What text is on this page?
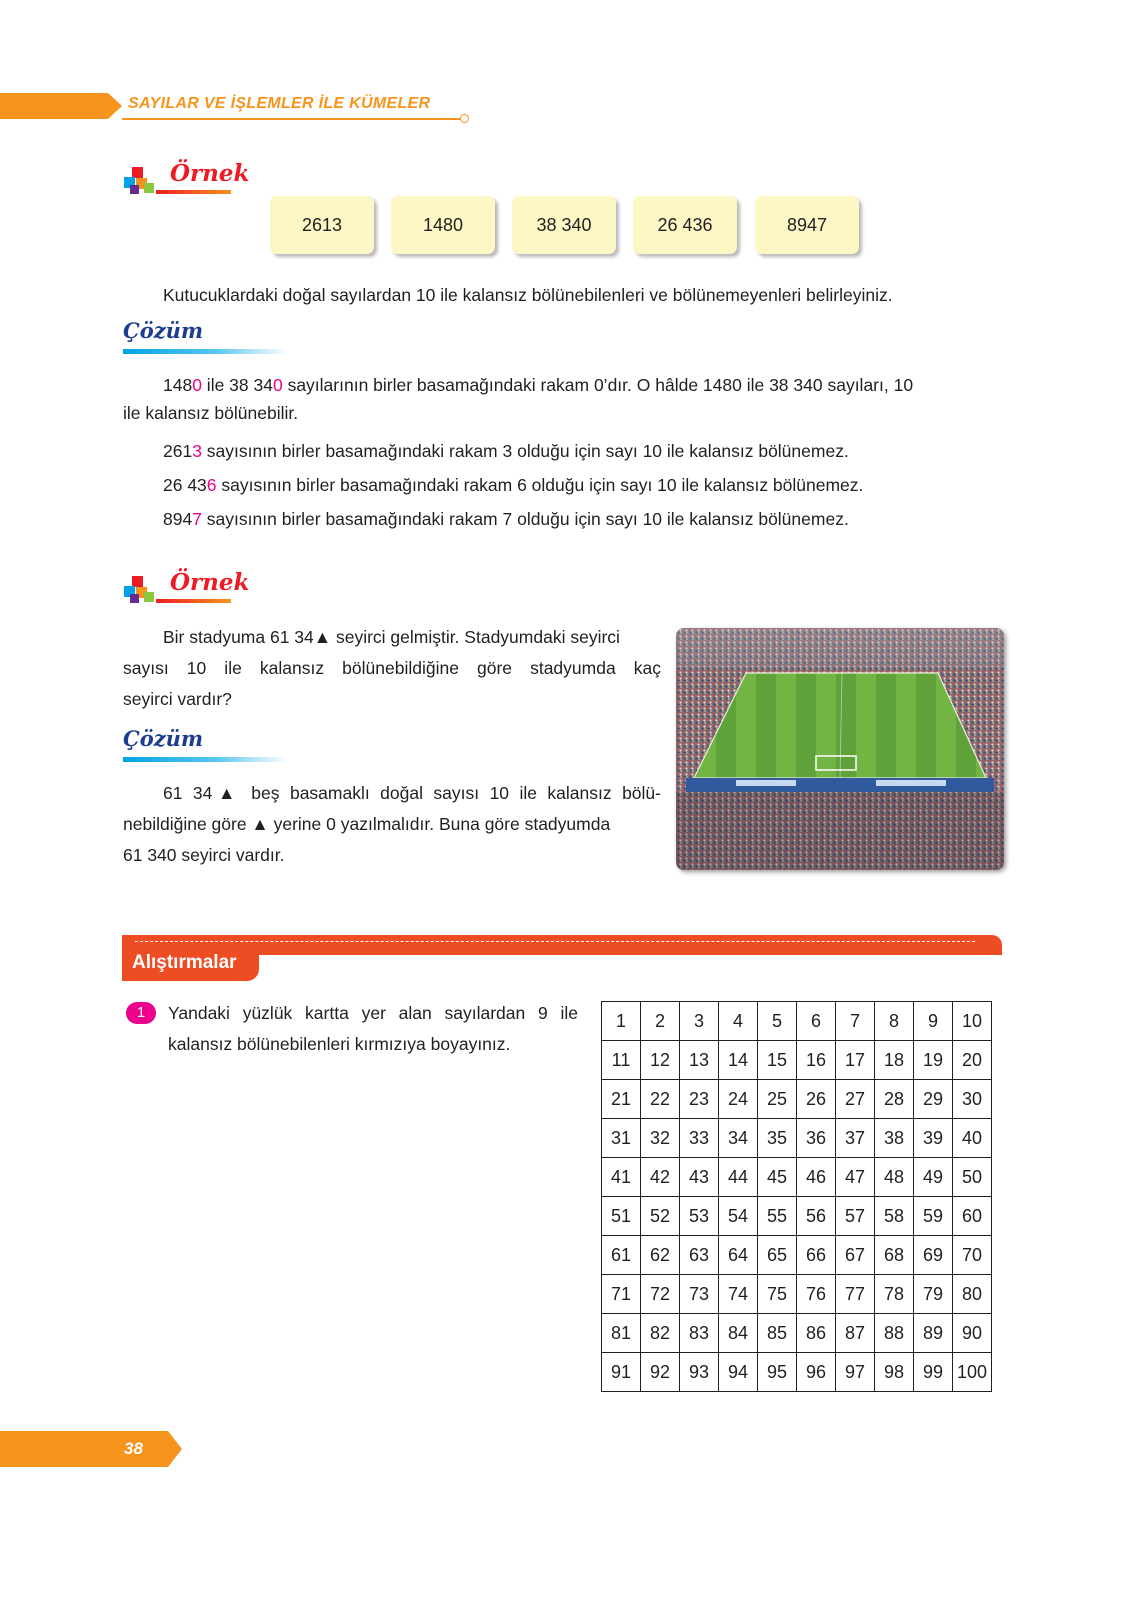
SAYILAR VE İŞLEMLER İLE KÜMELER
Örnek
2613	1480	38 340	26 436	8947
Kutucuklardaki doğal sayılardan 10 ile kalansız bölünebilenleri ve bölünemeyenleri belirleyiniz.
Çözüm
1480 ile 38 340 sayılarının birler basamağındaki rakam 0’dır. O hâlde 1480 ile 38 340 sayıları, 10
ile kalansız bölünebilir.
2613 sayısının birler basamağındaki rakam 3 olduğu için sayı 10 ile kalansız bölünemez.
26 436 sayısının birler basamağındaki rakam 6 olduğu için sayı 10 ile kalansız bölünemez.
8947 sayısının birler basamağındaki rakam 7 olduğu için sayı 10 ile kalansız bölünemez.
Örnek
Bir stadyuma 61 34▲ seyirci gelmiştir. Stadyumdaki seyirci
sayısı 10 ile kalansız bölünebildiğine göre stadyumda kaç
seyirci vardır?
Çözüm
61 34▲ beş basamaklı doğal sayısı 10 ile kalansız bölü-
nebildiğine göre ▲ yerine 0 yazılmalıdır. Buna göre stadyumda
61 340 seyirci vardır.
Alıştırmalar
1	Yandaki yüzlük kartta yer alan sayılardan 9 ile
kalansız bölünebilenleri kırmızıya boyayınız.
1	2	3	4	5	6	7	8	9	10
11	12	13	14	15	16	17	18	19	20
21	22	23	24	25	26	27	28	29	30
31	32	33	34	35	36	37	38	39	40
41	42	43	44	45	46	47	48	49	50
51	52	53	54	55	56	57	58	59	60
61	62	63	64	65	66	67	68	69	70
71	72	73	74	75	76	77	78	79	80
81	82	83	84	85	86	87	88	89	90
91	92	93	94	95	96	97	98	99	100
38
